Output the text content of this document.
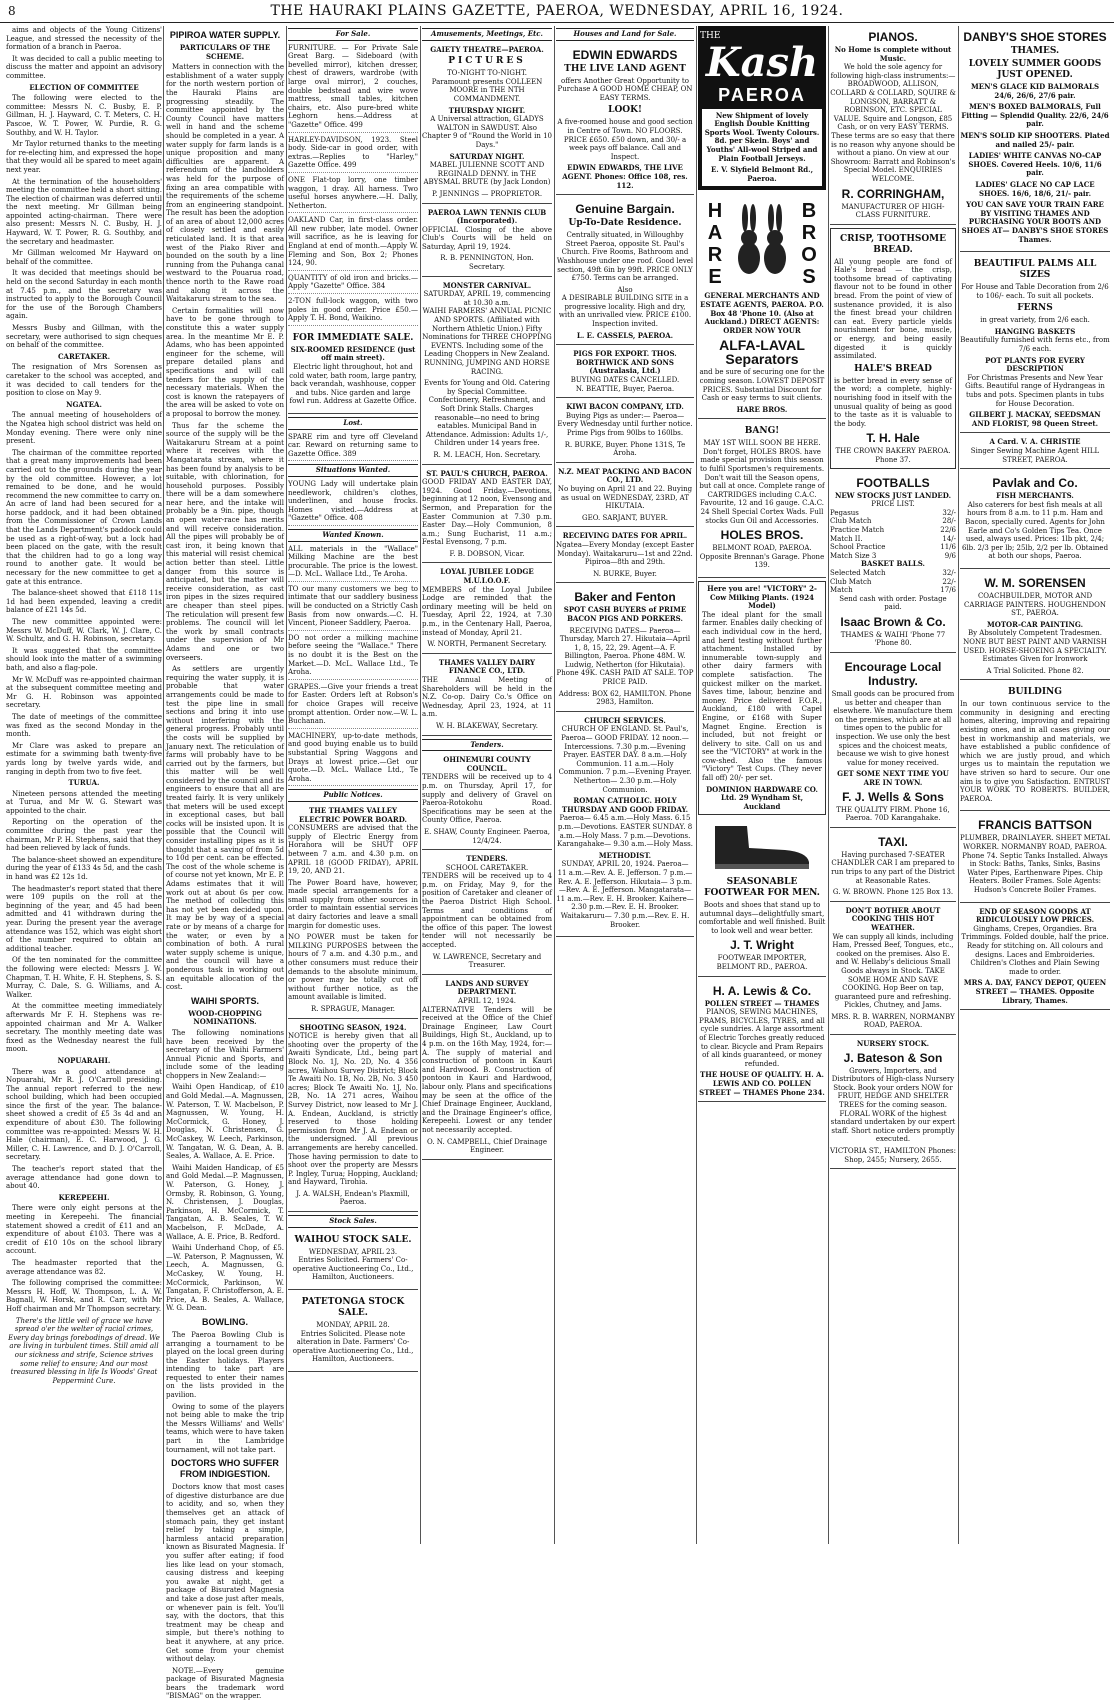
8	THE HAURAKI PLAINS GAZETTE, PAEROA, WEDNESDAY, APRIL 16, 1924.

aims and objects of the Young Citizens' League, and stressed the necessity of the formation of a branch in Paeroa.

It was decided to call a public meeting to discuss the matter and appoint an advisory committee.

ELECTION OF COMMITTEE

The following were elected to the committee: Messrs N. C. Busby, E. P. Gillman, H. J. Hayward, C. T. Meters, C. H. Pascoe, W. T. Power, W. Purdie, R. G. Southby, and W. H. Taylor.

Mr Taylor returned thanks to the meeting for re-electing him, and expressed the hope that they would all be spared to meet again next year.

At the termination of the householders' meeting the committee held a short sitting. The election of chairman was deferred until the next meeting. Mr Gillman being appointed acting-chairman. There were also present: Messrs N. C. Busby, H. J. Hayward, W. T. Power, R. G. Southby, and the secretary and headmaster.

Mr Gillman welcomed Mr Hayward on behalf of the committee.

It was decided that meetings should be held on the second Saturday in each month at 7.45 p.m., and the secretary was instructed to apply to the Borough Council for the use of the Borough Chambers again.

Messrs Busby and Gillman, with the secretary, were authorised to sign cheques on behalf of the committee.

CARETAKER.

The resignation of Mrs Sorensen as caretaker to the school was accepted, and it was decided to call tenders for the position to close on May 9.

NGATEA.

The annual meeting of householders of the Ngatea high school district was held on Monday evening. There were only nine present.

The chairman of the committee reported that a great many improvements had been carried out to the grounds during the year by the old committee. However, a lot remained to be done, and he would recommend the new committee to carry on. An acre of land had been secured for a horse paddock, and it had been obtained from the Commissioner of Crown Lands that the Lands Department's paddock could be used as a right-of-way, but a lock had been placed on the gate, with the result that the children had to go a long way round to another gate. It would be necessary for the new committee to get a gate at this entrance.

The balance-sheet showed that £118 11s 1d had been expended, leaving a credit balance of £21 14s 5d.

The new committee appointed were: Messrs W. McDuff, W. Clark, W. J. Clare, C. W. Schultz, and G. H. Robinson, secretary.

It was suggested that the committee should look into the matter of a swimming bath, and also a flag-pole.

Mr W. McDuff was re-appointed chairman at the subsequent committee meeting and Mr G. H. Robinson was appointed secretary.

The date of meetings of the committee was fixed as the second Monday in the month.

Mr Clare was asked to prepare an estimate for a swimming bath twenty-five yards long by twelve yards wide, and ranging in depth from two to five feet.

TURUA.

Nineteen persons attended the meeting at Turua, and Mr W. G. Stewart was appointed to the chair.

Reporting on the operation of the committee during the past year the chairman, Mr P. H. Stephens, said that they had been relieved by lack of funds.

The balance-sheet showed an expenditure during the year of £133 4s 5d, and the cash in hand was £2 12s 1d.

The headmaster's report stated that there were 109 pupils on the roll at the beginning of the year, and 45 had been admitted and 41 withdrawn during the year. During the present year the average attendance was 152, which was eight short of the number required to obtain an additional teacher.

Of the ten nominated for the committee the following were elected: Messrs J. W. Chapman, T. H. White, F. H. Stephens, S. S. Murray, C. Dale, S. G. Williams, and A. Walker.

At the committee meeting immediately afterwards Mr F. H. Stephens was re-appointed chairman and Mr A. Walker secretary. The monthly meeting date was fixed as the Wednesday nearest the full moon.

NOPUARAHI.

There was a good attendance at Nopuarahi, Mr R. J. O'Carroll presiding. The annual report referred to the new school building, which had been occupied since the first of the year. The balance-sheet showed a credit of £5 3s 4d and an expenditure of about £30. The following committee was re-appointed: Messrs W. H. Hale (chairman), E. C. Harwood, J. G. Miller, C. H. Lawrence, and D. J. O'Carroll, secretary.

The teacher's report stated that the average attendance had gone down to about 40.

KEREPEEHI.

There were only eight persons at the meeting in Kerepeehi. The financial statement showed a credit of £11 and an expenditure of about £103. There was a credit of £10 10s on the school library account.

The headmaster reported that the average attendance was 82.

The following comprised the committee: Messrs H. Hoff, W. Thompson, L. A. W. Bagnall, W. Horsk, and R. Carr, with Mr Hoff chairman and Mr Thompson secretary.

There's the little veil of grace we have spread o'er the welter of racial crimes, Every day brings forebodings of dread. We are living in turbulent times. Still amid all our sickness and strife, Science strives some relief to ensure; And our most treasured blessing in life Is Woods' Great Peppermint Cure.

PIPIROA WATER SUPPLY.
PARTICULARS OF THE SCHEME.

Matters in connection with the establishment of a water supply for the north western portion of the Hauraki Plains are progressing steadily. The committee appointed by the County Council have matters well in hand and the scheme should be completed in a year. A water supply for farm lands is a unique proposition and many difficulties are apparent. A referendum of the landholders was held for the purpose of fixing an area compatible with the requirements of the scheme from an engineering standpoint. The result has been the adoption of an area of about 12,000 acres of closely settled and easily reticulated land. It is that area west of the Piako River and bounded on the south by a line running from the Puhanga canal westward to the Pouarua road, thence north to the Rawe road and along it across the Waitakaruru stream to the sea.

Certain formalities will now have to be gone through to constitute this a water supply area. In the meantime Mr E. P. Adams, who has been appointed engineer for the scheme, will prepare detailed plans and specifications and will call tenders for the supply of the necessary materials. When the cost is known the ratepayers of the area will be asked to vote on a proposal to borrow the money.

Thus far the scheme the source of the supply will be the Waitakaruru Stream at a point where it receives with the Mangatarata stream, where it has been found by analysis to be suitable, with chlorination, for household purposes. Possibly there will be a dam somewhere near here, and the intake will probably be a 9in. pipe, though an open water-race has merits and will receive consideration. All the pipes will probably be of cast iron, it being known that this material will resist chemical action better than steel. Little danger from this source is anticipated, but the matter will receive consideration, as cast iron pipes in the sizes required are cheaper than steel pipes. The reticulation will present few problems. The council will let the work by small contracts under the supervision of Mr Adams and one or two overseers.

As settlers are urgently requiring the water supply, it is probable that water arrangements could be made to test the pipe line in small sections and bring it into use without interfering with the general progress. Probably until the costs will be supplied by January next. The reticulation of farms will probably have to be carried out by the farmers, but this matter will be well considered by the council and its engineers to ensure that all are treated fairly. It is very unlikely that meters will be used except in exceptional cases, but ball cocks will be insisted upon. It is possible that the Council will consider installing pipes as it is thought that a saving of from 5d to 10d per cent. can be effected. The cost of the whole scheme is of course not yet known, Mr E. P. Adams estimates that it will work out at about 6s per cow. The method of collecting this has not yet been decided upon. It may be by way of a special rate or by means of a charge for the water, or even by a combination of both. A rural water supply scheme is unique, and the council will have a ponderous task in working out an equitable allocation of the cost.

WAIHI SPORTS.
WOOD-CHOPPING NOMINATIONS.

The following nominations have been received by the secretary of the Waihi Farmers' Annual Picnic and Sports, and include some of the leading choppers in New Zealand:—

Waihi Open Handicap, of £10 and Gold Medal.—A. Magnussen, W. Paterson, T. W. Macbelson, P. Magnussen, W. Young, H. McCormick, G. Honey, J. Douglas, N. Christensen, G. McCaskey, W. Leech, Parkinson, W. Tangatan, W. G. Dean, A. B. Seales, A. Wallace, A. E. Price.

Waihi Maiden Handicap, of £5 and Gold Medal.—P. Magnussen, W. Paterson, G. Honey, J. Ormsby, R. Robinson, G. Young, N. Christensen, J. Douglas, Parkinson, H. McCormick, T. Tangatan, A. B. Seales, T. W. Macbelson, F. McDade, A. Wallace, A. E. Price, B. Redford.

Waihi Underhand Chop, of £5.—W. Paterson, P. Magnussen, W. Leech, A. Magnussen, G. McCaskey, W. Young, H. McCormick, Parkinson, W. Tangatan, F. Christofferson, A. E. Price, A. B. Seales, A. Wallace, W. G. Dean.

BOWLING.

The Paeroa Bowling Club is arranging a tournament to be played on the local green during the Easter holidays. Players intending to take part are requested to enter their names on the lists provided in the pavilion.

Owing to some of the players not being able to make the trip the Messrs Williams' and Wells' teams, which were to have taken part in the Lambridge tournament, will not take part.

DOCTORS WHO SUFFER FROM INDIGESTION.

Doctors know that most cases of digestive disturbance are due to acidity, and so, when they themselves get an attack of stomach pain, they get instant relief by taking a simple, harmless antacid preparation known as Bisurated Magnesia. If you suffer after eating; if food lies like lead on your stomach, causing distress and keeping you awake at night, get a package of Bisurated Magnesia and take a dose just after meals, or whenever pain is felt. You'll say, with the doctors, that this treatment may be cheap and simple, but there's nothing to beat it anywhere, at any price. Get some from your chemist without delay.

NOTE.—Every genuine package of Bisurated Magnesia bears the trademark word "BISMAG" on the wrapper.

For Sale.
FURNITURE. — For Private Sale Great Barg. — Sideboard (with bevelled mirror), kitchen dresser, chest of drawers, wardrobe (with large oval mirror), 2 couches, double bedstead and wire wove mattress, small tables, kitchen chairs, etc. Also pure-bred white Leghorn hens.—Address at "Gazette" Office. 499
HARLEY-DAVIDSON, 1923. Steel body. Side-car in good order, with extras.—Replies to "Harley," Gazette Office. 499
ONE Flat-top lorry, one timber waggon, 1 dray. All harness. Two useful horses anywhere.—H. Dally, Netherton.
OAKLAND Car, in first-class order. All new rubber, late model. Owner will sacrifice, as he is leaving for England at end of month.—Apply W. Fleming and Son, Box 2; Phones 124, 90.
QUANTITY of old iron and bricks.—Apply "Gazette" Office. 384
2-TON full-lock waggon, with two poles in good order. Price £50.—Apply T. H. Bond, Waikino.
FOR IMMEDIATE SALE.
SIX-ROOMED RESIDENCE (just off main street).

Electric light throughout, hot and cold water, bath room, large pantry, back verandah, washhouse, copper and tubs. Nice garden and large fowl run. Address at Gazette Office.

Lost.
SPARE rim and tyre off Cleveland car. Reward on returning same to Gazette Office. 389
Situations Wanted.
YOUNG Lady will undertake plain needlework, children's clothes, underlinen, and house frocks. Homes visited.—Address at "Gazette" Office. 408
Wanted Known.
ALL materials in the "Wallace" Milking Machine are the best procurable. The price is the lowest.—D. McL. Wallace Ltd., Te Aroha.
TO our many customers we beg to intimate that our saddlery business will be conducted on a Strictly Cash Basis from now onwards.—C. H. Vincent, Pioneer Saddlery, Paeroa.
DO not order a milking machine before seeing the "Wallace." There is no doubt it is the Best on the Market.—D. McL. Wallace Ltd., Te Aroha.
GRAPES.—Give your friends a treat for Easter. Orders left at Robson's for choice Grapes will receive prompt attention. Order now.—W. L. Buchanan.
MACHINERY, up-to-date methods, and good buying enable us to build substantial Spring Waggons and Drays at lowest price.—Get our quote.—D. McL. Wallace Ltd., Te Aroha.
Public Notices.
THE THAMES VALLEY ELECTRIC POWER BOARD.

CONSUMERS are advised that the supply of Electric Energy from Horahora will be SHUT OFF between 7 a.m. and 4.30 p.m. on APRIL 18 (GOOD FRIDAY), APRIL 19, 20, AND 21.

The Power Board have, however, made special arrangements for a small supply from other sources in order to maintain essential services at dairy factories and leave a small margin for domestic uses.

NO POWER must be taken for MILKING PURPOSES between the hours of 7 a.m. and 4.30 p.m., and other consumers must reduce their demands to the absolute minimum, or power may be totally cut off without further notice, as the amount available is limited.

R. SPRAGUE, Manager.
SHOOTING SEASON, 1924.

NOTICE is hereby given that all shooting over the property of the Awaiti Syndicate, Ltd., being part Block No. 1J, No. 2D, No. 4 356 acres, Waihou Survey District; Block Te Awaiti No. 1B, No. 2B, No. 3 450 acres; Block Te Awaiti No. 1J, No. 2B, No. 1A 271 acres, Waihou Survey District, now leased to Mr J. A. Endean, Auckland, is strictly reserved to those holding permission from Mr J. A. Endean or the undersigned. All previous arrangements are hereby cancelled. Those having permission to date to shoot over the property are Messrs P. Ingley, Turua; Hopping, Auckland; and Hayward, Tirohia.

J. A. WALSH, Endean's Plaxmill, Paeroa.
Stock Sales.
WAIHOU STOCK SALE.
WEDNESDAY, APRIL 23.

Entries Solicited. Farmers' Co-operative Auctioneering Co., Ltd., Hamilton, Auctioneers.

PATETONGA STOCK SALE.
MONDAY, APRIL 28.

Entries Solicited. Please note alteration in Date. Farmers' Co-operative Auctioneering Co., Ltd., Hamilton, Auctioneers.

Amusements, Meetings, Etc.
GAIETY THEATRE—PAEROA.
PICTURES
TO-NIGHT TO-NIGHT.

Paramount presents COLLEEN MOORE in THE NTH COMMANDMENT.

THURSDAY NIGHT.

A Universal attraction, GLADYS WALTON in SAWDUST. Also Chapter 9 of "Round the World in 10 Days."

SATURDAY NIGHT.

MABEL JULIENNE SCOTT AND REGINALD DENNY. in THE ABYSMAL BRUTE (by Jack London)

P. JENNINGS — PROPRIETOR.
PAEROA LAWN TENNIS CLUB (Incorporated).

OFFICIAL Closing of the above Club's Courts will be held on Saturday, April 19, 1924.

R. B. PENNINGTON, Hon. Secretary.
MONSTER CARNIVAL.
SATURDAY, APRIL 19, commencing at 10.30 a.m.

WAIHI FARMERS' ANNUAL PICNIC AND SPORTS. (Affiliated with Northern Athletic Union.) Fifty Nominations for THREE CHOPPING EVENTS. Including some of the Leading Choppers in New Zealand. RUNNING, JUMPING AND HORSE RACING.

Events for Young and Old. Catering by Special Committee. Confectionery, Refreshment, and Soft Drink Stalls. Charges reasonable—no need to bring eatables. Municipal Band in Attendance. Admission: Adults 1/-, Children under 14 years free.

R. M. LEACH, Hon. Secretary.
ST. PAUL'S CHURCH, PAEROA.

GOOD FRIDAY AND EASTER DAY, 1924. Good Friday.—Devotions, beginning at 12 noon, Evensong and Sermon, and Preparation for the Easter Communion at 7.30 p.m. Easter Day.—Holy Communion, 8 a.m.; Sung Eucharist, 11 a.m.; Festal Evensong, 7 p.m.

F. B. DOBSON, Vicar.
LOYAL JUBILEE LODGE M.U.I.O.O.F.

MEMBERS of the Loyal Jubilee Lodge are reminded that the ordinary meeting will be held on Tuesday, April 22, 1924, at 7.30 p.m., in the Centenary Hall, Paeroa, instead of Monday, April 21.

W. NORTH, Permanent Secretary.
THAMES VALLEY DAIRY FINANCE CO., LTD.

THE Annual Meeting of Shareholders will be held in the N.Z. Co-op. Dairy Co.'s Office on Wednesday, April 23, 1924, at 11 a.m.

W. H. BLAKEWAY, Secretary.
Tenders.
OHINEMURI COUNTY COUNCIL.

TENDERS will be received up to 4 p.m. on Thursday, April 17, for supply and delivery of Gravel on Paeroa-Rotokohu Road. Specifications may be seen at the County Office, Paeroa.

E. SHAW, County Engineer. Paeroa, 12/4/24.
TENDERS.
SCHOOL CARETAKER.

TENDERS will be received up to 4 p.m. on Friday, May 9, for the position of Caretaker and cleaner of the Paeroa District High School. Terms and conditions of appointment can be obtained from the office of this paper. The lowest tender will not necessarily be accepted.

W. LAWRENCE, Secretary and Treasurer.
LANDS AND SURVEY DEPARTMENT.
APRIL 12, 1924.

ALTERNATIVE Tenders will be received at the Office of the Chief Drainage Engineer, Law Court Buildings, High St., Auckland, up to 4 p.m. on the 16th May, 1924, for:— A. The supply of material and construction of pontoon in Kauri and Hardwood. B. Construction of pontoon in Kauri and Hardwood, labour only. Plans and specifications may be seen at the office of the Chief Drainage Engineer, Auckland, and the Drainage Engineer's office, Kerepeehi. Lowest or any tender not necessarily accepted.

O. N. CAMPBELL, Chief Drainage Engineer.
Houses and Land for Sale.
EDWIN EDWARDS
THE LIVE LAND AGENT

offers Another Great Opportunity to Purchase A GOOD HOME CHEAP, ON EASY TERMS.

LOOK!

A five-roomed house and good section in Centre of Town. NO FLOORS. PRICE £650. £50 down, and 30/- a week pays off balance. Call and Inspect.

EDWIN EDWARDS, THE LIVE AGENT. Phones: Office 108, res. 112.
Genuine Bargain.
Up-To-Date Residence.

Centrally situated, in Willoughby Street Paeroa, opposite St. Paul's Church. Five Rooms, Bathroom and Washhouse under one roof. Good level section, 49ft 6in by 99ft. PRICE ONLY £750. Terms can be arranged.

Also

A DESIRABLE BUILDING SITE in a progressive locality. High and dry, with an unrivalled view. PRICE £100. Inspection invited.

L. E. CASSELS, PAEROA.
PIGS FOR EXPORT. THOS. BORTHWICK AND SONS (Australasia, Ltd.)
BUYING DATES CANCELLED.
N. BEATTIE, Buyer, Paeroa.
KIWI BACON COMPANY, LTD.

Buying Pigs as under:— Paeroa—Every Wednesday until further notice. Prime Pigs from 90lbs to 160lbs.

R. BURKE, Buyer. Phone 131S, Te Aroha.
N.Z. MEAT PACKING AND BACON CO., LTD.

No buying on April 21 and 22. Buying as usual on WEDNESDAY, 23RD, AT HIKUTAIA.

GEO. SARJANT, BUYER.
RECEIVING DATES FOR APRIL.

Ngatea—Every Monday (except Easter Monday). Waitakaruru—1st and 22nd. Pipiroa—8th and 29th.

N. BURKE, Buyer.
Baker and Fenton

SPOT CASH BUYERS of PRIME BACON PIGS AND PORKERS.

RECEIVING DATES— Paeroa—Thursday, March 27. Hikutaia—April 1, 8, 15, 22, 29. Agent—A. F. Billington, Paeroa. Phone 48M. W. Ludwig, Netherton (for Hikutaia). Phone 49K. CASH PAID AT SALE. TOP PRICE PAID.

Address: BOX 62, HAMILTON. Phone 2983, Hamilton.
CHURCH SERVICES.

CHURCH OF ENGLAND. St. Paul's, Paeroa— GOOD FRIDAY. 12 noon.—Intercessions. 7.30 p.m.—Evening Prayer. EASTER DAY. 8 a.m.—Holy Communion. 11 a.m.—Holy Communion. 7 p.m.—Evening Prayer. Netherton— 2.30 p.m.—Holy Communion.

ROMAN CATHOLIC. HOLY THURSDAY AND GOOD FRIDAY.

Paeroa— 6.45 a.m.—Holy Mass. 6.15 p.m.—Devotions. EASTER SUNDAY. 8 a.m.—Holy Mass. 7 p.m.—Devotions. Karangahake— 9.30 a.m.—Holy Mass.

METHODIST.

SUNDAY, APRIL 20, 1924. Paeroa— 11 a.m.—Rev. A. E. Jefferson. 7 p.m.—Rev. A. E. Jefferson. Hikutaia— 3 p.m.—Rev. A. E. Jefferson. Mangatarata— 11 a.m.—Rev. E. H. Brooker. Kaihere— 2.30 p.m.—Rev. E. H. Brooker. Waitakaruru— 7.30 p.m.—Rev. E. H. Brooker.

THE
Kash
PAEROA

New Shipment of lovely English Double Knitting Sports Wool. Twenty Colours. 8d. per Skein. Boys' and Youths' All-wool Striped and Plain Football Jerseys.

E. V. Slyfield Belmont Rd., Paeroa.
HARE	BROS

GENERAL MERCHANTS AND ESTATE AGENTS, PAEROA. P.O. Box 48 'Phone 10. (Also at Auckland.) DIRECT AGENTS: ORDER NOW YOUR

ALFA-LAVAL Separators

and be sure of securing one for the coming season. LOWEST DEPOSIT PRICES. Substantial Discount for Cash or easy terms to suit clients.

HARE BROS.
BANG!

MAY 1ST WILL SOON BE HERE. Don't forget, HOLES BROS. have made special provision this season to fulfil Sportsmen's requirements. Don't wait till the Season opens, but call at once. Complete range of CARTRIDGES including C.A.C. Favourite, 12 and 16 gauge. C.A.C. 24 Shell Special Cortex Wads. Full stocks Gun Oil and Accessories.

HOLES BROS.

BELMONT ROAD, PAEROA. Opposite Brennan's Garage. Phone 139.

Here you are! "VICTORY" 2-Cow Milking Plants. (1924 Model)

The ideal plant for the small farmer. Enables daily checking of each individual cow in the herd, and herd testing without further attachment. Installed by innumerable town-supply and other dairy farmers with complete satisfaction. The quickest milker on the market. Saves time, labour, benzine and money. Price delivered F.O.R., Auckland, £180 with Capel Engine, or £168 with Super Magnet Engine. Erection is included, but not freight or delivery to site. Call on us and see the "VICTORY" at work in the cow-shed. Also the famous "Victory" Test Cups. (They never fall off) 20/- per set.

DOMINION HARDWARE CO. Ltd. 29 Wyndham St, Auckland
SEASONABLE FOOTWEAR FOR MEN.

Boots and shoes that stand up to autumnal days—delightfully smart, comfortable and well finished. Built to look well and wear better.

J. T. Wright
FOOTWEAR IMPORTER, BELMONT RD., PAEROA.
H. A. Lewis & Co.
POLLEN STREET — THAMES

PIANOS, SEWING MACHINES, PRAMS, BICYCLES, TYRES, and all cycle sundries. A large assortment of Electric Torches greatly reduced to clear. Bicycle and Pram Repairs of all kinds guaranteed, or money refunded.

THE HOUSE OF QUALITY. H. A. LEWIS AND CO. POLLEN STREET — THAMES Phone 234.
PIANOS.
No Home is complete without Music.

We hold the sole agency for following high-class instruments:—BROADWOOD, ALLISON, COLLARD & COLLARD, SQUIRE & LONGSON, BARRATT & ROBINSON, ETC. SPECIAL VALUE. Squire and Longson, £85 Cash, or on very EASY TERMS. These terms are so easy that there is no reason why anyone should be without a piano. On view at our Showroom: Barratt and Robinson's Special Model. ENQUIRIES WELCOME.

R. CORRINGHAM,
MANUFACTURER OF HIGH-CLASS FURNITURE.
CRISP, TOOTHSOME BREAD.

All young people are fond of Hale's bread — the crisp, toothsome bread of captivating flavour not to be found in other bread. From the point of view of sustenance provided, it is also the finest bread your children can eat. Every particle yields nourishment for bone, muscle, or energy, and being easily digested it is quickly assimilated.

HALE'S BREAD

is better bread in every sense of the word; a complete, highly-nourishing food in itself with the unusual quality of being as good to the taste as it is valuable to the body.

T. H. Hale
THE CROWN BAKERY PAEROA. Phone 37.
FOOTBALLS
NEW STOCKS JUST LANDED.
PRICE LIST.
Pegasus	32/-
Club Match	28/-
Practice Match	22/6
Match II.	14/-
School Practice	11/6
Match Size 3	9/6
BASKET BALLS.
Selected Match	32/-
Club Match	22/-
Match	17/6

Send cash with order. Postage paid.

Isaac Brown & Co.
THAMES & WAIHI 'Phone 77 'Phone 80.
Encourage Local Industry.

Small goods can be procured from us better and cheaper than elsewhere. We manufacture them on the premises, which are at all times open to the public for inspection. We use only the best spices and the choicest meats, because we wish to give honest value for money received.

GET SOME NEXT TIME YOU ARE IN TOWN.
F. J. Wells & Sons
THE QUALITY FIRM. Phone 16, Paeroa. 70D Karangahake.
TAXI.

Having purchased 7-SEATER CHANDLER CAR I am prepared to run trips to any part of the District at Reasonable Rates.

G. W. BROWN. Phone 125 Box 13.
DON'T BOTHER ABOUT COOKING THIS HOT WEATHER.

We can supply all kinds, including Ham, Pressed Beef, Tongues, etc., cooked on the premises. Also E. and W. Hellaby's delicious Small Goods always in Stock. TAKE SOME HOME AND SAVE COOKING. Hop Beer on tap, guaranteed pure and refreshing. Pickles, Chutney, and Jams.

MRS. R. B. WARREN, NORMANBY ROAD, PAEROA.
NURSERY STOCK.
J. Bateson & Son

Growers, Importers, and Distributors of High-class Nursery Stock. Book your orders NOW for FRUIT, HEDGE AND SHELTER TREES for the coming season. FLORAL WORK of the highest standard undertaken by our expert staff. Short notice orders promptly executed.

VICTORIA ST., HAMILTON Phones: Shop, 2455; Nursery, 2655.
DANBY'S SHOE STORES
THAMES.
LOVELY SUMMER GOODS JUST OPENED.

MEN'S GLACE KID BALMORALS 24/6, 26/6, 27/6 pair.

MEN'S BOXED BALMORALS, Full Fitting — Splendid Quality. 22/6, 24/6 pair.

MEN'S SOLID KIP SHOOTERS. Plated and nailed 25/- pair.

LADIES' WHITE CANVAS NO-CAP SHOES. Covered Heels. 10/6, 11/6 pair.

LADIES' GLACE NO CAP LACE SHOES. 16/6, 18/6, 21/- pair.

YOU CAN SAVE YOUR TRAIN FARE BY VISITING THAMES AND PURCHASING YOUR BOOTS AND SHOES AT— DANBY'S SHOE STORES Thames.

BEAUTIFUL PALMS ALL SIZES

For House and Table Decoration from 2/6 to 106/- each. To suit all pockets.

FERNS

in great variety, from 2/6 each.

HANGING BASKETS

Beautifully furnished with ferns etc., from 7/6 each.

POT PLANTS FOR EVERY DESCRIPTION

For Christmas Presents and New Year Gifts. Beautiful range of Hydrangeas in tubs and pots. Specimen plants in tubs for House Decoration.

GILBERT J. MACKAY, SEEDSMAN AND FLORIST, 98 Queen Street.
A Card. V. A. CHRISTIE
Singer Sewing Machine Agent HILL STREET, PAEROA.
Pavlak and Co.
FISH MERCHANTS.

Also caterers for best fish meals at all hours from 8 a.m. to 11 p.m. Ham and Bacon, specially cured. Agents for John Earle and Co's Golden Tips Tea. Once used, always used. Prices: 1lb pkt, 2/4; 6lb. 2/3 per lb; 25lb, 2/2 per lb. Obtained at both our shops, Paeroa.

W. M. SORENSEN

COACHBUILDER, MOTOR AND CARRIAGE PAINTERS. HOUGHENDON ST., PAEROA.

MOTOR-CAR PAINTING.

By Absolutely Competent Tradesmen. NONE BUT BEST PAINT AND VARNISH USED. HORSE-SHOEING A SPECIALTY. Estimates Given for Ironwork

A Trial Solicited. Phone 82.
BUILDING

In our town continuous service to the community in designing and erecting homes, altering, improving and repairing existing ones, and in all cases giving our best in workmanship and materials, we have established a public confidence of which we are justly proud, and which urges us to maintain the reputation we have striven so hard to secure. Our one aim is to give you Satisfaction. ENTRUST YOUR WORK TO ROBERTS. BUILDER, PAEROA.

FRANCIS BATTSON

PLUMBER, DRAINLAYER. SHEET METAL WORKER. NORMANBY ROAD, PAEROA. Phone 74. Septic Tanks Installed. Always in Stock: Baths, Tanks, Sinks, Basins Water Pipes, Earthenware Pipes. Chip Heaters. Boiler Frames. Sole Agents: Hudson's Concrete Boiler Frames.

END OF SEASON GOODS AT RIDICULOUSLY LOW PRICES.

Ginghams, Crepes, Organdies. Bra Trimmings. Folded double, half the price. Ready for stitching on. All colours and designs. Laces and Embroideries. Children's Clothes and Plain Sewing made to order.

MRS A. DAY, FANCY DEPOT, QUEEN STREET — THAMES. Opposite Library, Thames.
